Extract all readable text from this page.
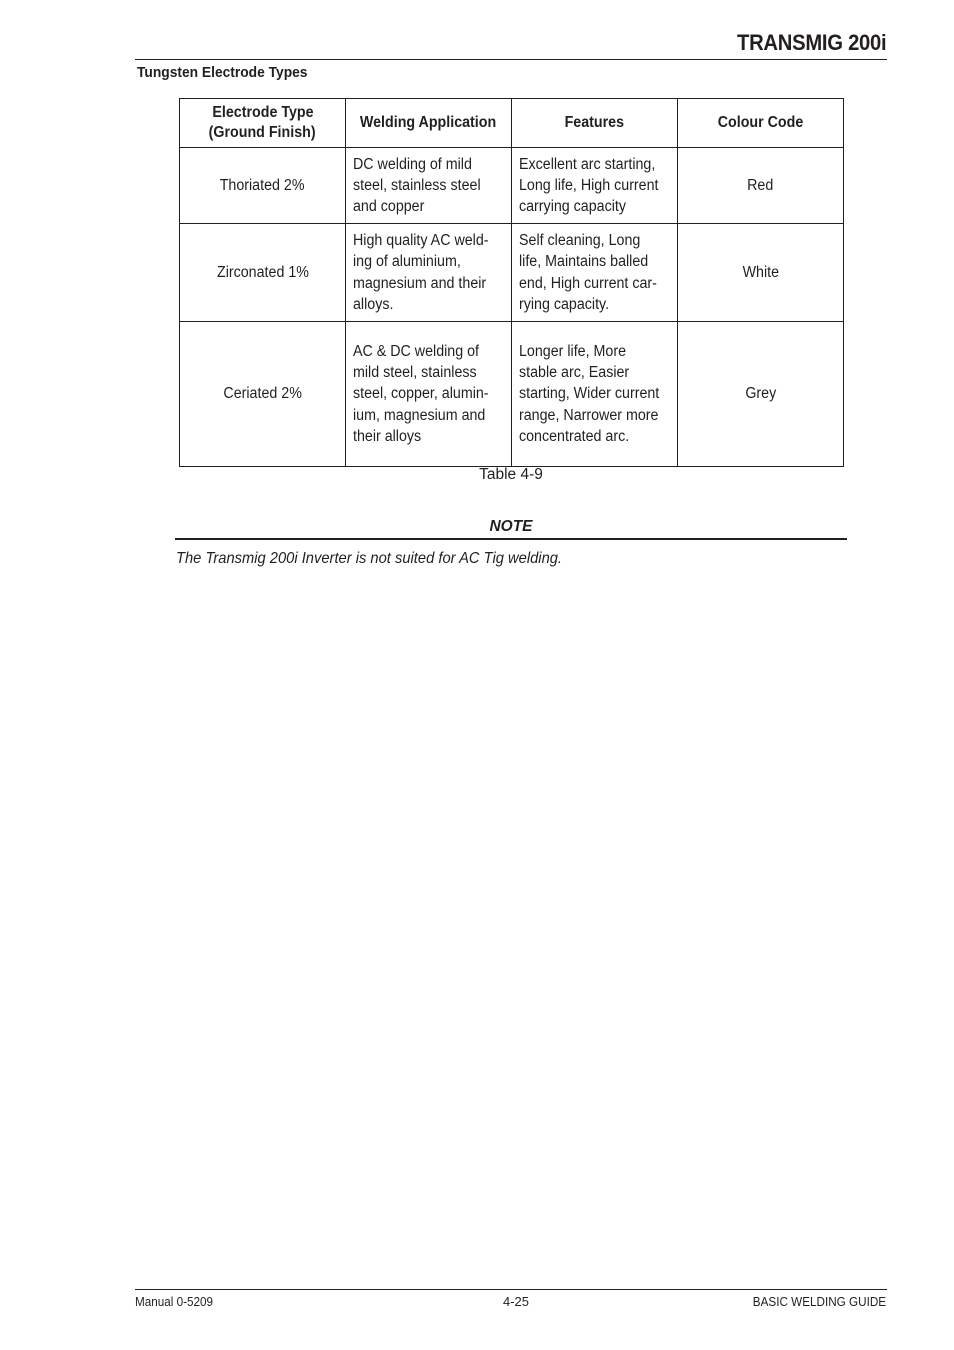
TRANSMIG 200i
Tungsten Electrode Types
Electrode Type
(Ground Finish)	Welding Application	Features	Colour Code
Thoriated 2%	DC welding of mild
steel, stainless steel
and copper	Excellent arc starting,
Long life, High current
carrying capacity	Red
Zirconated 1%	High quality AC weld-
ing of aluminium,
magnesium and their
alloys.	Self cleaning, Long
life, Maintains balled
end, High current car-
rying capacity.	White
Ceriated 2%	AC & DC welding of
mild steel, stainless
steel, copper, alumin-
ium, magnesium and
their alloys	Longer life, More
stable arc, Easier
starting, Wider current
range, Narrower more
concentrated arc.	Grey
Table 4-9
NOTE
The Transmig 200i Inverter is not suited for AC Tig welding.
Manual 0-5209	4-25	BASIC WELDING GUIDE
